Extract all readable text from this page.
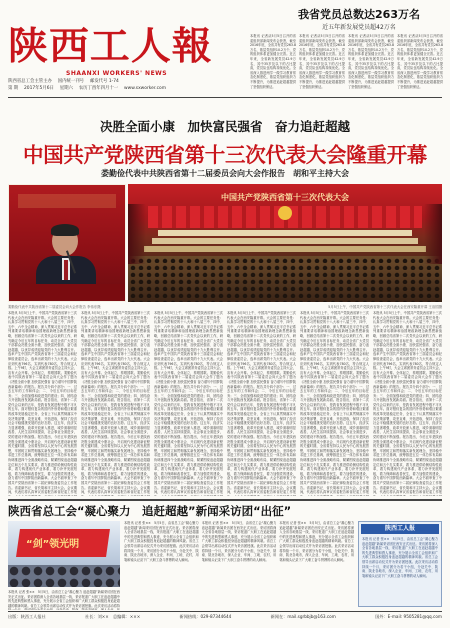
陕西工人報
SHAANXI WORKERS' NEWS
陕西省总工会主管主办　 国内统一刊号　 邮发代号 1-74
第 期　 2017年5月6日　 星期六　 农历丁酉年四月十一　 www.sxworker.com
我省党员总数达263万名
近五年新发展党员超42万名
本报讯 记者从5月5日召开的省委组织部新闻发布会获悉，截至2016年底，全省共有党员263.8万名，基层党组织10.2万个，党的组织体系更加健全完善。近五年来，全省新发展党员42.9万名，其中35岁及以下的占比提高，党员队伍结构持续优化。全省深入推进两学一做学习教育常态化制度化，基层党组织组织力不断提升，为推进追赶超越提供了坚强组织保证。
本报讯 记者从5月5日召开的省委组织部新闻发布会获悉，截至2016年底，全省共有党员263.8万名，基层党组织10.2万个，党的组织体系更加健全完善。近五年来，全省新发展党员42.9万名，其中35岁及以下的占比提高，党员队伍结构持续优化。全省深入推进两学一做学习教育常态化制度化，基层党组织组织力不断提升，为推进追赶超越提供了坚强组织保证。
本报讯 记者从5月5日召开的省委组织部新闻发布会获悉，截至2016年底，全省共有党员263.8万名，基层党组织10.2万个，党的组织体系更加健全完善。近五年来，全省新发展党员42.9万名，其中35岁及以下的占比提高，党员队伍结构持续优化。全省深入推进两学一做学习教育常态化制度化，基层党组织组织力不断提升，为推进追赶超越提供了坚强组织保证。
本报讯 记者从5月5日召开的省委组织部新闻发布会获悉，截至2016年底，全省共有党员263.8万名，基层党组织10.2万个，党的组织体系更加健全完善。近五年来，全省新发展党员42.9万名，其中35岁及以下的占比提高，党员队伍结构持续优化。全省深入推进两学一做学习教育常态化制度化，基层党组织组织力不断提升，为推进追赶超越提供了坚强组织保证。
决胜全面小康　加快富民强省　奋力追赶超越
中国共产党陕西省第十三次代表大会隆重开幕
娄勤俭代表中共陕西省第十二届委员会向大会作报告　胡和平主持大会
中国共产党陕西省第十三次代表大会
娄勤俭代表中共陕西省第十二届委员会向大会作报告 李伟东摄	5月5日上午，中国共产党陕西省第十三次代表大会在西安隆重开幕 王治国摄
本报讯 5月5日上午，中国共产党陕西省第十三次代表大会在西安隆重开幕。大会的主要任务是：认真学习贯彻党的十八大和十八届三中、四中、五中、六中全会精神，深入贯彻习近平总书记系列重要讲话精神和治国理政新理念新思想新战略，回顾总结省第十二次党代会以来的工作，研究确定今后五年的目标任务，动员全省广大党员干部群众决胜全面小康、加快富民强省、奋力追赶超越，以优异成绩迎接党的十九大胜利召开。选举产生中国共产党陕西省第十三届委员会和纪律检查委员会，选举出席党的十九大代表。大会应到代表796名，实到代表780名，符合规定人数。上午9时，大会主席团常务委员会主持大会，宣布大会开幕。全体起立，奏唱国歌。娄勤俭代表中共陕西省第十二届委员会向大会作了题为《决胜全面小康 加快富民强省 奋力谱写中国梦陕西新篇章》的报告。报告共分四个部分：一、过去五年的工作和体会；二、今后五年的目标任务；三、全面加强和改进党的建设；四、团结奋斗开创陕西发展新局面。报告指出，省第十二次党代会以来的五年，是我省发展进程中极不平凡的五年。面对错综复杂的国内外形势和艰巨繁重的改革发展稳定任务，全省上下认真贯彻落实中央决策部署，攻坚克难、开拓进取，保持了经济社会平稳健康发展的良好态势。这五年，经济实力显著增强，改革开放深入推进，城乡面貌明显改善，人民生活持续提高，社会事业全面进步，党的建设不断加强。报告提出，今后五年是陕西决胜全面建成小康社会、开启现代化建设新征程的关键时期，全省要坚持以人民为中心的发展思想，牢固树立和贯彻落实新发展理念，坚持稳中求进工作总基调，统筹推进五位一体总体布局和协调推进四个全面战略布局，紧紧围绕追赶超越定位和五个扎实要求，着力推进供给侧结构性改革，着力构建现代产业体系，着力补齐发展短板，着力保障和改善民生，着力加强党的建设，奋力谱写中国梦陕西新篇章。大会书面审查了中国共产党陕西省第十二届纪律检查委员会工作报告。省委副书记、省长胡和平主持大会。会议期间，代表们将认真审议省委报告和省纪委工作报
本报讯 5月5日上午，中国共产党陕西省第十三次代表大会在西安隆重开幕。大会的主要任务是：认真学习贯彻党的十八大和十八届三中、四中、五中、六中全会精神，深入贯彻习近平总书记系列重要讲话精神和治国理政新理念新思想新战略，回顾总结省第十二次党代会以来的工作，研究确定今后五年的目标任务，动员全省广大党员干部群众决胜全面小康、加快富民强省、奋力追赶超越，以优异成绩迎接党的十九大胜利召开。选举产生中国共产党陕西省第十三届委员会和纪律检查委员会，选举出席党的十九大代表。大会应到代表796名，实到代表780名，符合规定人数。上午9时，大会主席团常务委员会主持大会，宣布大会开幕。全体起立，奏唱国歌。娄勤俭代表中共陕西省第十二届委员会向大会作了题为《决胜全面小康 加快富民强省 奋力谱写中国梦陕西新篇章》的报告。报告共分四个部分：一、过去五年的工作和体会；二、今后五年的目标任务；三、全面加强和改进党的建设；四、团结奋斗开创陕西发展新局面。报告指出，省第十二次党代会以来的五年，是我省发展进程中极不平凡的五年。面对错综复杂的国内外形势和艰巨繁重的改革发展稳定任务，全省上下认真贯彻落实中央决策部署，攻坚克难、开拓进取，保持了经济社会平稳健康发展的良好态势。这五年，经济实力显著增强，改革开放深入推进，城乡面貌明显改善，人民生活持续提高，社会事业全面进步，党的建设不断加强。报告提出，今后五年是陕西决胜全面建成小康社会、开启现代化建设新征程的关键时期，全省要坚持以人民为中心的发展思想，牢固树立和贯彻落实新发展理念，坚持稳中求进工作总基调，统筹推进五位一体总体布局和协调推进四个全面战略布局，紧紧围绕追赶超越定位和五个扎实要求，着力推进供给侧结构性改革，着力构建现代产业体系，着力补齐发展短板，着力保障和改善民生，着力加强党的建设，奋力谱写中国梦陕西新篇章。大会书面审查了中国共产党陕西省第十二届纪律检查委员会工作报告。省委副书记、省长胡和平主持大会。会议期间，代表们将认真审议省委报告和省纪委工作报
本报讯 5月5日上午，中国共产党陕西省第十三次代表大会在西安隆重开幕。大会的主要任务是：认真学习贯彻党的十八大和十八届三中、四中、五中、六中全会精神，深入贯彻习近平总书记系列重要讲话精神和治国理政新理念新思想新战略，回顾总结省第十二次党代会以来的工作，研究确定今后五年的目标任务，动员全省广大党员干部群众决胜全面小康、加快富民强省、奋力追赶超越，以优异成绩迎接党的十九大胜利召开。选举产生中国共产党陕西省第十三届委员会和纪律检查委员会，选举出席党的十九大代表。大会应到代表796名，实到代表780名，符合规定人数。上午9时，大会主席团常务委员会主持大会，宣布大会开幕。全体起立，奏唱国歌。娄勤俭代表中共陕西省第十二届委员会向大会作了题为《决胜全面小康 加快富民强省 奋力谱写中国梦陕西新篇章》的报告。报告共分四个部分：一、过去五年的工作和体会；二、今后五年的目标任务；三、全面加强和改进党的建设；四、团结奋斗开创陕西发展新局面。报告指出，省第十二次党代会以来的五年，是我省发展进程中极不平凡的五年。面对错综复杂的国内外形势和艰巨繁重的改革发展稳定任务，全省上下认真贯彻落实中央决策部署，攻坚克难、开拓进取，保持了经济社会平稳健康发展的良好态势。这五年，经济实力显著增强，改革开放深入推进，城乡面貌明显改善，人民生活持续提高，社会事业全面进步，党的建设不断加强。报告提出，今后五年是陕西决胜全面建成小康社会、开启现代化建设新征程的关键时期，全省要坚持以人民为中心的发展思想，牢固树立和贯彻落实新发展理念，坚持稳中求进工作总基调，统筹推进五位一体总体布局和协调推进四个全面战略布局，紧紧围绕追赶超越定位和五个扎实要求，着力推进供给侧结构性改革，着力构建现代产业体系，着力补齐发展短板，着力保障和改善民生，着力加强党的建设，奋力谱写中国梦陕西新篇章。大会书面审查了中国共产党陕西省第十二届纪律检查委员会工作报告。省委副书记、省长胡和平主持大会。会议期间，代表们将认真审议省委报告和省纪委工作报
本报讯 5月5日上午，中国共产党陕西省第十三次代表大会在西安隆重开幕。大会的主要任务是：认真学习贯彻党的十八大和十八届三中、四中、五中、六中全会精神，深入贯彻习近平总书记系列重要讲话精神和治国理政新理念新思想新战略，回顾总结省第十二次党代会以来的工作，研究确定今后五年的目标任务，动员全省广大党员干部群众决胜全面小康、加快富民强省、奋力追赶超越，以优异成绩迎接党的十九大胜利召开。选举产生中国共产党陕西省第十三届委员会和纪律检查委员会，选举出席党的十九大代表。大会应到代表796名，实到代表780名，符合规定人数。上午9时，大会主席团常务委员会主持大会，宣布大会开幕。全体起立，奏唱国歌。娄勤俭代表中共陕西省第十二届委员会向大会作了题为《决胜全面小康 加快富民强省 奋力谱写中国梦陕西新篇章》的报告。报告共分四个部分：一、过去五年的工作和体会；二、今后五年的目标任务；三、全面加强和改进党的建设；四、团结奋斗开创陕西发展新局面。报告指出，省第十二次党代会以来的五年，是我省发展进程中极不平凡的五年。面对错综复杂的国内外形势和艰巨繁重的改革发展稳定任务，全省上下认真贯彻落实中央决策部署，攻坚克难、开拓进取，保持了经济社会平稳健康发展的良好态势。这五年，经济实力显著增强，改革开放深入推进，城乡面貌明显改善，人民生活持续提高，社会事业全面进步，党的建设不断加强。报告提出，今后五年是陕西决胜全面建成小康社会、开启现代化建设新征程的关键时期，全省要坚持以人民为中心的发展思想，牢固树立和贯彻落实新发展理念，坚持稳中求进工作总基调，统筹推进五位一体总体布局和协调推进四个全面战略布局，紧紧围绕追赶超越定位和五个扎实要求，着力推进供给侧结构性改革，着力构建现代产业体系，着力补齐发展短板，着力保障和改善民生，着力加强党的建设，奋力谱写中国梦陕西新篇章。大会书面审查了中国共产党陕西省第十二届纪律检查委员会工作报告。省委副书记、省长胡和平主持大会。会议期间，代表们将认真审议省委报告和省纪委工作报
本报讯 5月5日上午，中国共产党陕西省第十三次代表大会在西安隆重开幕。大会的主要任务是：认真学习贯彻党的十八大和十八届三中、四中、五中、六中全会精神，深入贯彻习近平总书记系列重要讲话精神和治国理政新理念新思想新战略，回顾总结省第十二次党代会以来的工作，研究确定今后五年的目标任务，动员全省广大党员干部群众决胜全面小康、加快富民强省、奋力追赶超越，以优异成绩迎接党的十九大胜利召开。选举产生中国共产党陕西省第十三届委员会和纪律检查委员会，选举出席党的十九大代表。大会应到代表796名，实到代表780名，符合规定人数。上午9时，大会主席团常务委员会主持大会，宣布大会开幕。全体起立，奏唱国歌。娄勤俭代表中共陕西省第十二届委员会向大会作了题为《决胜全面小康 加快富民强省 奋力谱写中国梦陕西新篇章》的报告。报告共分四个部分：一、过去五年的工作和体会；二、今后五年的目标任务；三、全面加强和改进党的建设；四、团结奋斗开创陕西发展新局面。报告指出，省第十二次党代会以来的五年，是我省发展进程中极不平凡的五年。面对错综复杂的国内外形势和艰巨繁重的改革发展稳定任务，全省上下认真贯彻落实中央决策部署，攻坚克难、开拓进取，保持了经济社会平稳健康发展的良好态势。这五年，经济实力显著增强，改革开放深入推进，城乡面貌明显改善，人民生活持续提高，社会事业全面进步，党的建设不断加强。报告提出，今后五年是陕西决胜全面建成小康社会、开启现代化建设新征程的关键时期，全省要坚持以人民为中心的发展思想，牢固树立和贯彻落实新发展理念，坚持稳中求进工作总基调，统筹推进五位一体总体布局和协调推进四个全面战略布局，紧紧围绕追赶超越定位和五个扎实要求，着力推进供给侧结构性改革，着力构建现代产业体系，着力补齐发展短板，着力保障和改善民生，着力加强党的建设，奋力谱写中国梦陕西新篇章。大会书面审查了中国共产党陕西省第十二届纪律检查委员会工作报告。省委副书记、省长胡和平主持大会。会议期间，代表们将认真审议省委报告和省纪委工作报
本报讯 5月5日上午，中国共产党陕西省第十三次代表大会在西安隆重开幕。大会的主要任务是：认真学习贯彻党的十八大和十八届三中、四中、五中、六中全会精神，深入贯彻习近平总书记系列重要讲话精神和治国理政新理念新思想新战略，回顾总结省第十二次党代会以来的工作，研究确定今后五年的目标任务，动员全省广大党员干部群众决胜全面小康、加快富民强省、奋力追赶超越，以优异成绩迎接党的十九大胜利召开。选举产生中国共产党陕西省第十三届委员会和纪律检查委员会，选举出席党的十九大代表。大会应到代表796名，实到代表780名，符合规定人数。上午9时，大会主席团常务委员会主持大会，宣布大会开幕。全体起立，奏唱国歌。娄勤俭代表中共陕西省第十二届委员会向大会作了题为《决胜全面小康 加快富民强省 奋力谱写中国梦陕西新篇章》的报告。报告共分四个部分：一、过去五年的工作和体会；二、今后五年的目标任务；三、全面加强和改进党的建设；四、团结奋斗开创陕西发展新局面。报告指出，省第十二次党代会以来的五年，是我省发展进程中极不平凡的五年。面对错综复杂的国内外形势和艰巨繁重的改革发展稳定任务，全省上下认真贯彻落实中央决策部署，攻坚克难、开拓进取，保持了经济社会平稳健康发展的良好态势。这五年，经济实力显著增强，改革开放深入推进，城乡面貌明显改善，人民生活持续提高，社会事业全面进步，党的建设不断加强。报告提出，今后五年是陕西决胜全面建成小康社会、开启现代化建设新征程的关键时期，全省要坚持以人民为中心的发展思想，牢固树立和贯彻落实新发展理念，坚持稳中求进工作总基调，统筹推进五位一体总体布局和协调推进四个全面战略布局，紧紧围绕追赶超越定位和五个扎实要求，着力推进供给侧结构性改革，着力构建现代产业体系，着力补齐发展短板，着力保障和改善民生，着力加强党的建设，奋力谱写中国梦陕西新篇章。大会书面审查了中国共产党陕西省第十二届纪律检查委员会工作报告。省委副书记、省长胡和平主持大会。会议期间，代表们将认真审议省委报告和省纪委工作报
陕西省总工会“凝心聚力　追赶超越”新闻采访团“出征”
“剑”领光明
本报讯 记者 张××　5月5日，由省总工会“凝心聚力 追赶超越”新闻采访团在西安正式出征。采访团将深入全省各地基层一线，采访报道广大职工在追赶超越中的先进典型和感人事迹，充分展示全省工会组织和广大职工群众积极投身追赶超越的精神风貌。省总工会领导出席启动仪式并为采访团授旗。此次采访活动将持续一个月，采访团分为若干小组，分赴关中、陕南、陕北各地市，深入企业、车间、工地、农村，用笔和镜头记录下广大职工奋斗拼搏的动人瞬间。
本报讯 记者 张××　5月5日，由省总工会“凝心聚力 追赶超越”新闻采访团在西安正式出征。采访团将深入全省各地基层一线，采访报道广大职工在追赶超越中的先进典型和感人事迹，充分展示全省工会组织和广大职工群众积极投身追赶超越的精神风貌。省总工会领导出席启动仪式并为采访团授旗。此次采访活动将持续一个月，采访团分为若干小组，分赴关中、陕南、陕北各地市，深入企业、车间、工地、农村，用笔和镜头记录下广大职工奋斗拼搏的动人瞬间。
本报讯 记者 张××　5月5日，由省总工会“凝心聚力 追赶超越”新闻采访团在西安正式出征。采访团将深入全省各地基层一线，采访报道广大职工在追赶超越中的先进典型和感人事迹，充分展示全省工会组织和广大职工群众积极投身追赶超越的精神风貌。省总工会领导出席启动仪式并为采访团授旗。此次采访活动将持续一个月，采访团分为若干小组，分赴关中、陕南、陕北各地市，深入企业、车间、工地、农村，用笔和镜头记录下广大职工奋斗拼搏的动人瞬间。
陕西工人报
本报讯 记者 张××　5月5日，由省总工会“凝心聚力 追赶超越”新闻采访团在西安正式出征。采访团将深入全省各地基层一线，采访报道广大职工在追赶超越中的先进典型和感人事迹，充分展示全省工会组织和广大职工群众积极投身追赶超越的精神风貌。省总工会领导出席启动仪式并为采访团授旗。此次采访活动将持续一个月，采访团分为若干小组，分赴关中、陕南、陕北各地市，深入企业、车间、工地、农村，用笔和镜头记录下广大职工奋斗拼搏的动人瞬间。
本报讯 记者 张××　5月5日，由省总工会“凝心聚力 追赶超越”新闻采访团在西安正式出征。采访团将深入全省各地基层一线，采访报道广大职工在追赶超越中的先进典型和感人事迹，充分展示全省工会组织和广大职工群众积极投身追赶超越的精神风貌。省总工会领导出席启动仪式并为采访团授旗。此次采访活动将持
出版：陕西工人报社	社长：刘××　总编辑：×××	新闻热线：029-87344644	新闻在：mail.sgrbbjb@163.com	国外：E-mail: 9505281@qq.com
